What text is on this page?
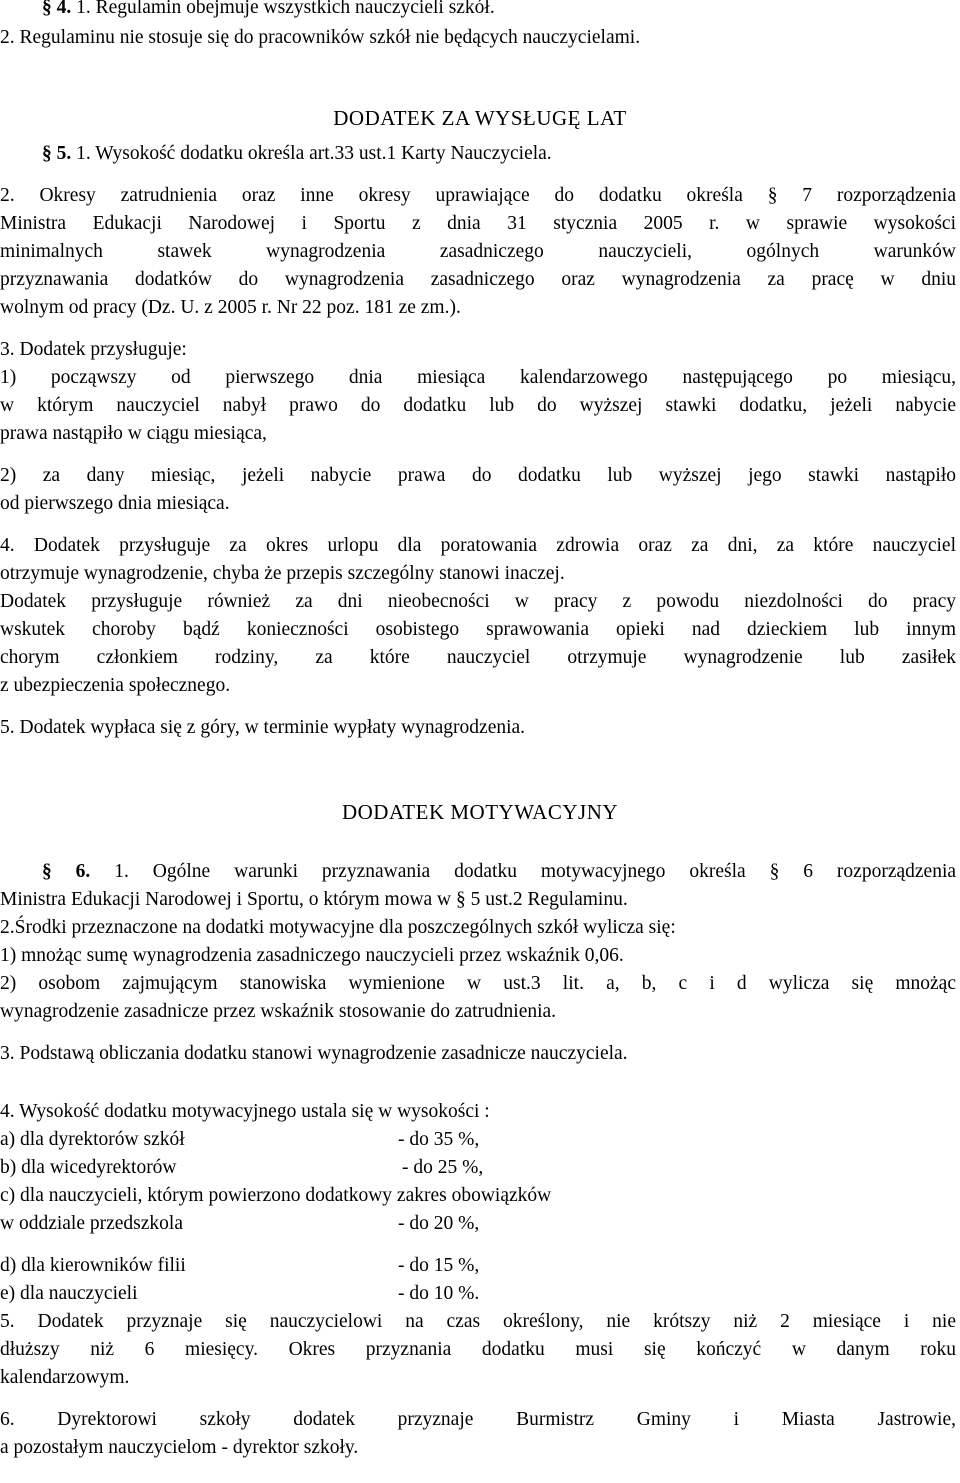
§ 4. 1. Regulamin obejmuje wszystkich nauczycieli szkół.

2. Regulaminu nie stosuje się do pracowników szkół nie będących nauczycielami.

DODATEK ZA WYSŁUGĘ LAT

§ 5. 1. Wysokość dodatku określa art.33 ust.1 Karty Nauczyciela.

2. Okresy zatrudnienia oraz inne okresy uprawiające do dodatku określa § 7 rozporządzenia

Ministra Edukacji Narodowej i Sportu z dnia 31 stycznia 2005 r. w sprawie wysokości

minimalnych stawek wynagrodzenia zasadniczego nauczycieli, ogólnych warunków

przyznawania dodatków do wynagrodzenia zasadniczego oraz wynagrodzenia za pracę w dniu

wolnym od pracy (Dz. U. z 2005 r. Nr 22 poz. 181 ze zm.).

3. Dodatek przysługuje:

1) począwszy od pierwszego dnia miesiąca kalendarzowego następującego po miesiącu,

w którym nauczyciel nabył prawo do dodatku lub do wyższej stawki dodatku, jeżeli nabycie

prawa nastąpiło w ciągu miesiąca,

2) za dany miesiąc, jeżeli nabycie prawa do dodatku lub wyższej jego stawki nastąpiło

od pierwszego dnia miesiąca.

4. Dodatek przysługuje za okres urlopu dla poratowania zdrowia oraz za dni, za które nauczyciel

otrzymuje wynagrodzenie, chyba że przepis szczególny stanowi inaczej.

Dodatek przysługuje również za dni nieobecności w pracy z powodu niezdolności do pracy

wskutek choroby bądź konieczności osobistego sprawowania opieki nad dzieckiem lub innym

chorym członkiem rodziny, za które nauczyciel otrzymuje wynagrodzenie lub zasiłek

z ubezpieczenia społecznego.

5. Dodatek wypłaca się z góry, w terminie wypłaty wynagrodzenia.

DODATEK MOTYWACYJNY

§ 6. 1. Ogólne warunki przyznawania dodatku motywacyjnego określa § 6 rozporządzenia

Ministra Edukacji Narodowej i Sportu, o którym mowa w § 5 ust.2 Regulaminu.

2.Środki przeznaczone na dodatki motywacyjne dla poszczególnych szkół wylicza się:

1) mnożąc sumę wynagrodzenia zasadniczego nauczycieli przez wskaźnik 0,06.

2) osobom zajmującym stanowiska wymienione w ust.3 lit. a, b, c i d wylicza się mnożąc

wynagrodzenie zasadnicze przez wskaźnik stosowanie do zatrudnienia.

3. Podstawą obliczania dodatku stanowi wynagrodzenie zasadnicze nauczyciela.

4. Wysokość dodatku motywacyjnego ustala się w wysokości :

a) dla dyrektorów szkół	- do 35 %,
b) dla wicedyrektorów	- do 25 %,

c) dla nauczycieli, którym powierzono dodatkowy zakres obowiązków

w oddziale przedszkola	- do 20 %,
d) dla kierowników filii	- do 15 %,
e) dla nauczycieli	- do 10 %.

5. Dodatek przyznaje się nauczycielowi na czas określony, nie krótszy niż 2 miesiące i nie

dłuższy niż 6 miesięcy. Okres przyznania dodatku musi się kończyć w danym roku

kalendarzowym.

6. Dyrektorowi szkoły dodatek przyznaje Burmistrz Gminy i Miasta Jastrowie,

a pozostałym nauczycielom - dyrektor szkoły.
